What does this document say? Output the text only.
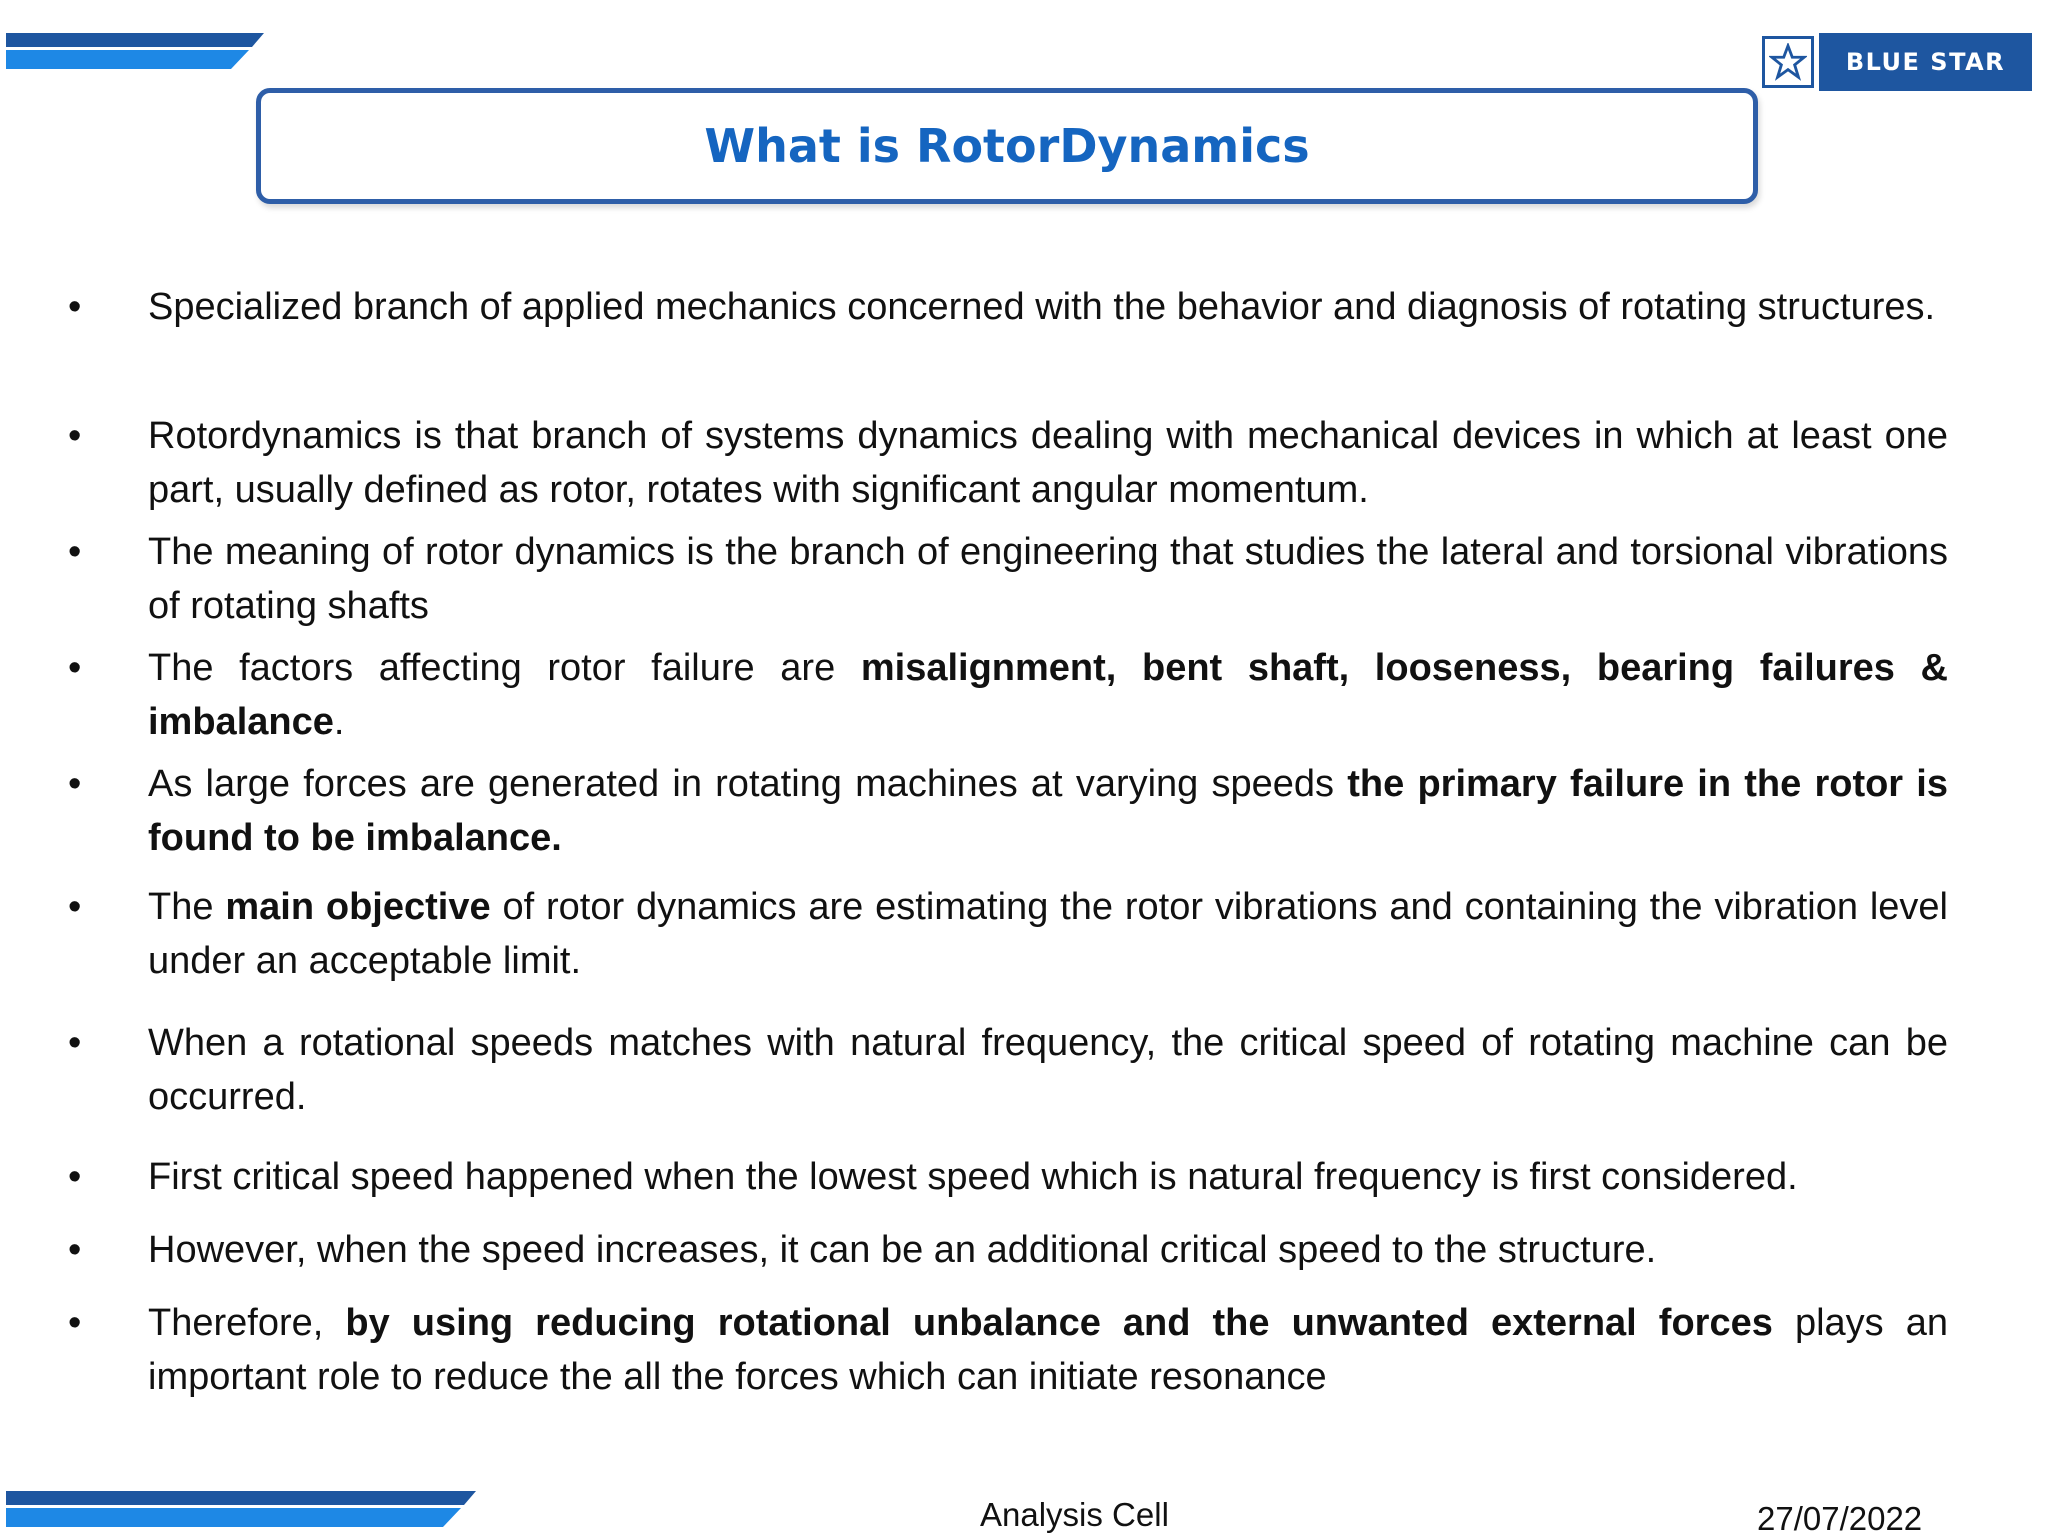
BLUE STAR
What is RotorDynamics
• Specialized branch of applied mechanics concerned with the behavior and diagnosis of rotating structures.
• Rotordynamics is that branch of systems dynamics dealing with mechanical devices in which at least one part, usually defined as rotor, rotates with significant angular momentum.
• The meaning of rotor dynamics is the branch of engineering that studies the lateral and torsional vibrations of rotating shafts
• The factors affecting rotor failure are misalignment, bent shaft, looseness, bearing failures & imbalance.
• As large forces are generated in rotating machines at varying speeds the primary failure in the rotor is found to be imbalance.
• The main objective of rotor dynamics are estimating the rotor vibrations and containing the vibration level under an acceptable limit.
• When a rotational speeds matches with natural frequency, the critical speed of rotating machine can be occurred.
• First critical speed happened when the lowest speed which is natural frequency is first considered.
• However, when the speed increases, it can be an additional critical speed to the structure.
• Therefore, by using reducing rotational unbalance and the unwanted external forces plays an important role to reduce the all the forces which can initiate resonance
Analysis Cell	27/07/2022
